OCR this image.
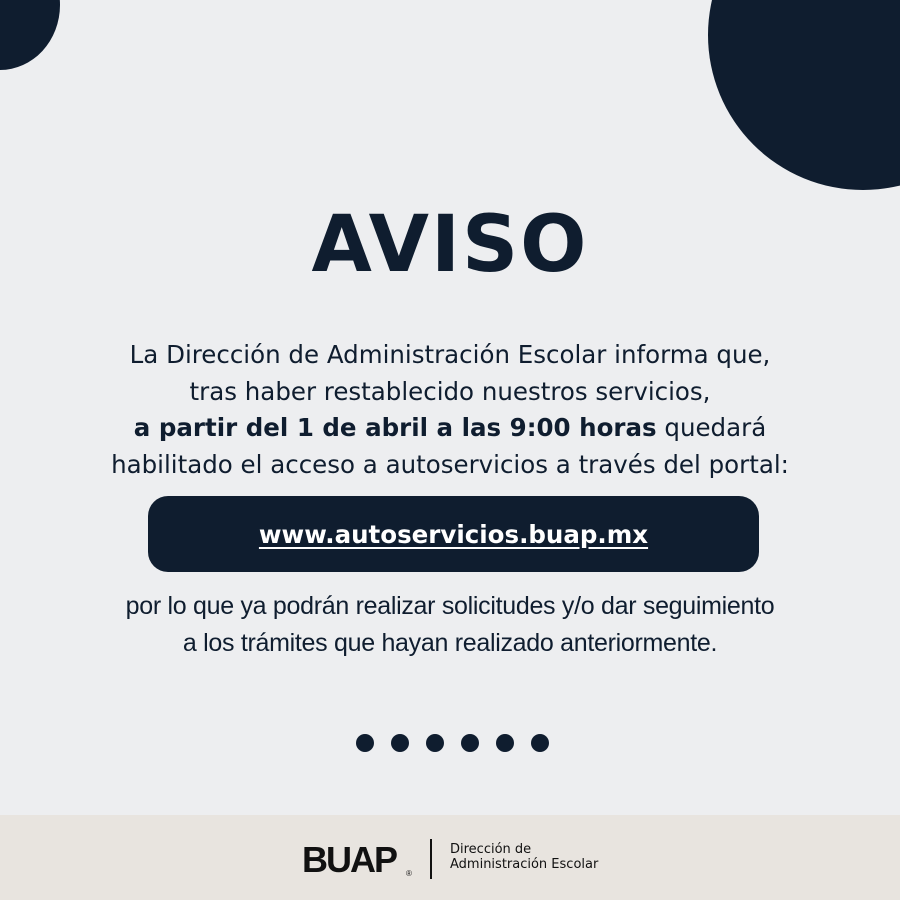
AVISO
La Dirección de Administración Escolar informa que,
tras haber restablecido nuestros servicios,
a partir del 1 de abril a las 9:00 horas quedará
habilitado el acceso a autoservicios a través del portal:
www.autoservicios.buap.mx
por lo que ya podrán realizar solicitudes y/o dar seguimiento
a los trámites que hayan realizado anteriormente.
BUAP ®
Dirección de
Administración Escolar
